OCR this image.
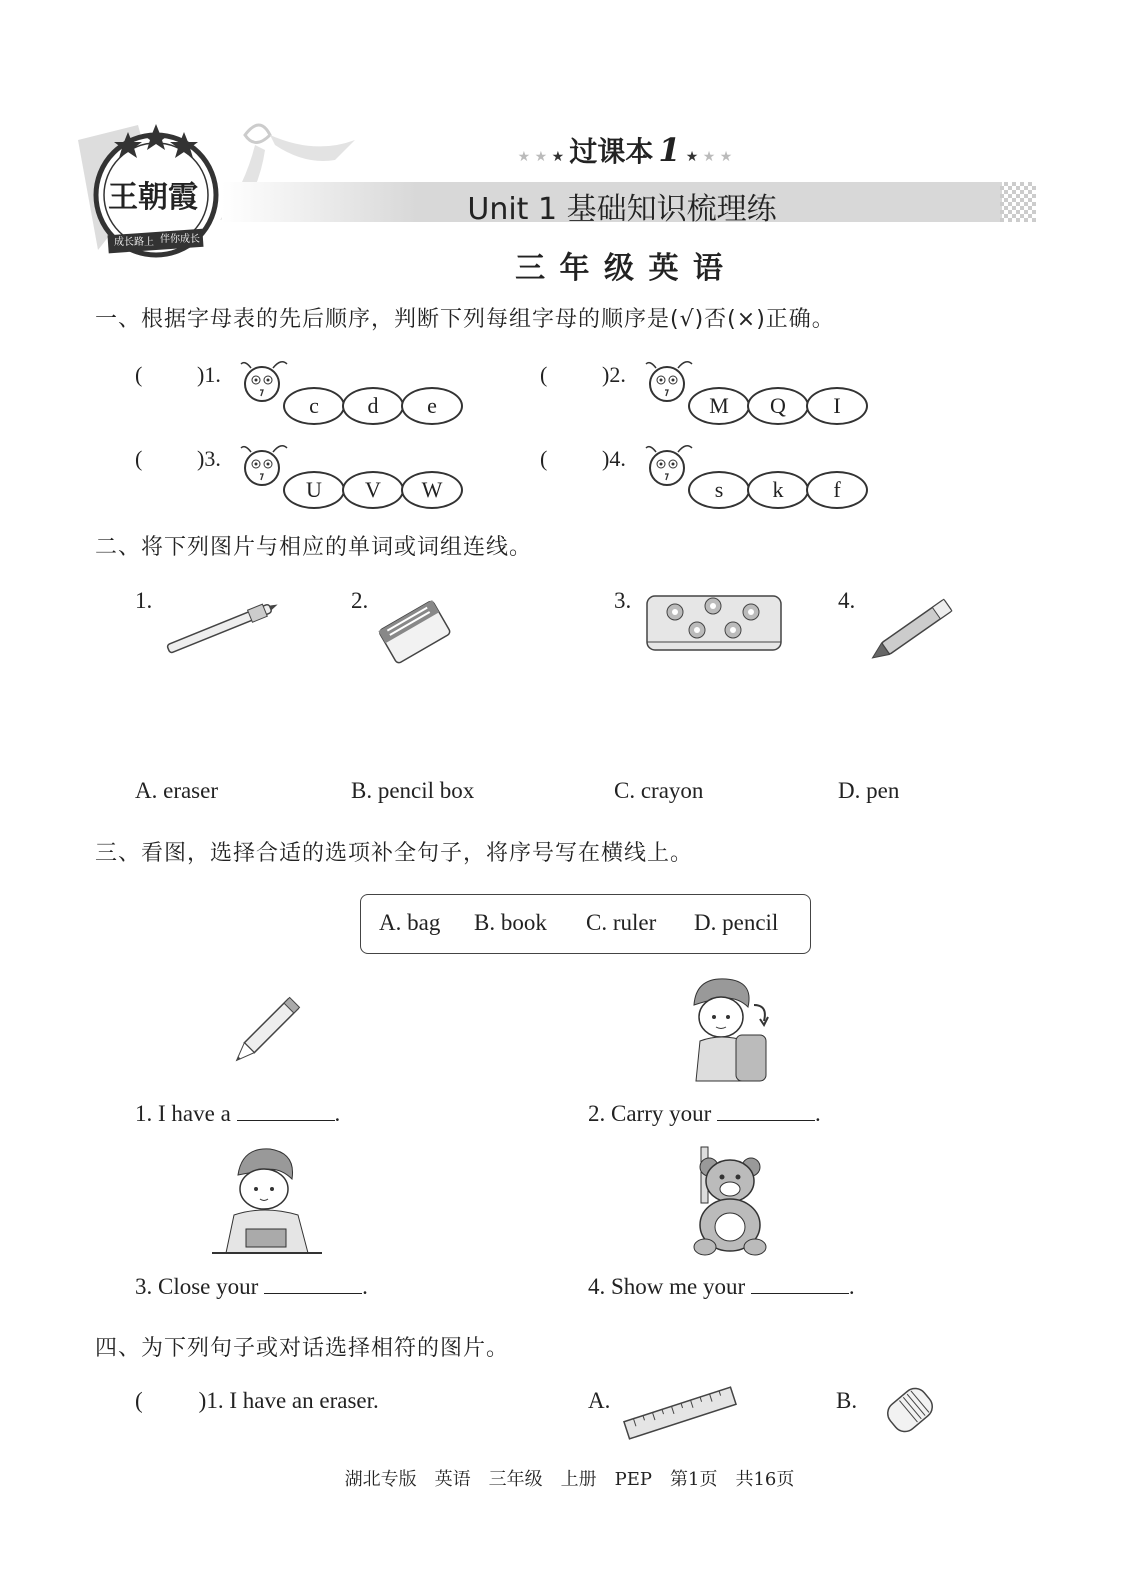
王朝霞
成长路上 伴你成长
★ ★ ★ 过课本 1 ★ ★ ★
Unit 1 基础知识梳理练
三 年 级 英 语
一、根据字母表的先后顺序，判断下列每组字母的顺序是(√)否(×)正确。
( )1.
c	d	e
( )2.
M	Q	I
( )3.
U	V	W
( )4.
s	k	f
二、将下列图片与相应的单词或词组连线。
1.	2.	3.	4.
A. eraser	B. pencil box	C. crayon	D. pen
三、看图，选择合适的选项补全句子，将序号写在横线上。
A. bag B. book C. ruler D. pencil
1. I have a	.	2. Carry your	.
3. Close your	.	4. Show me your	.
四、为下列句子或对话选择相符的图片。
( )1. I have an eraser.	A.	B.
湖北专版　英语　三年级　上册　PEP　第1页　共16页
